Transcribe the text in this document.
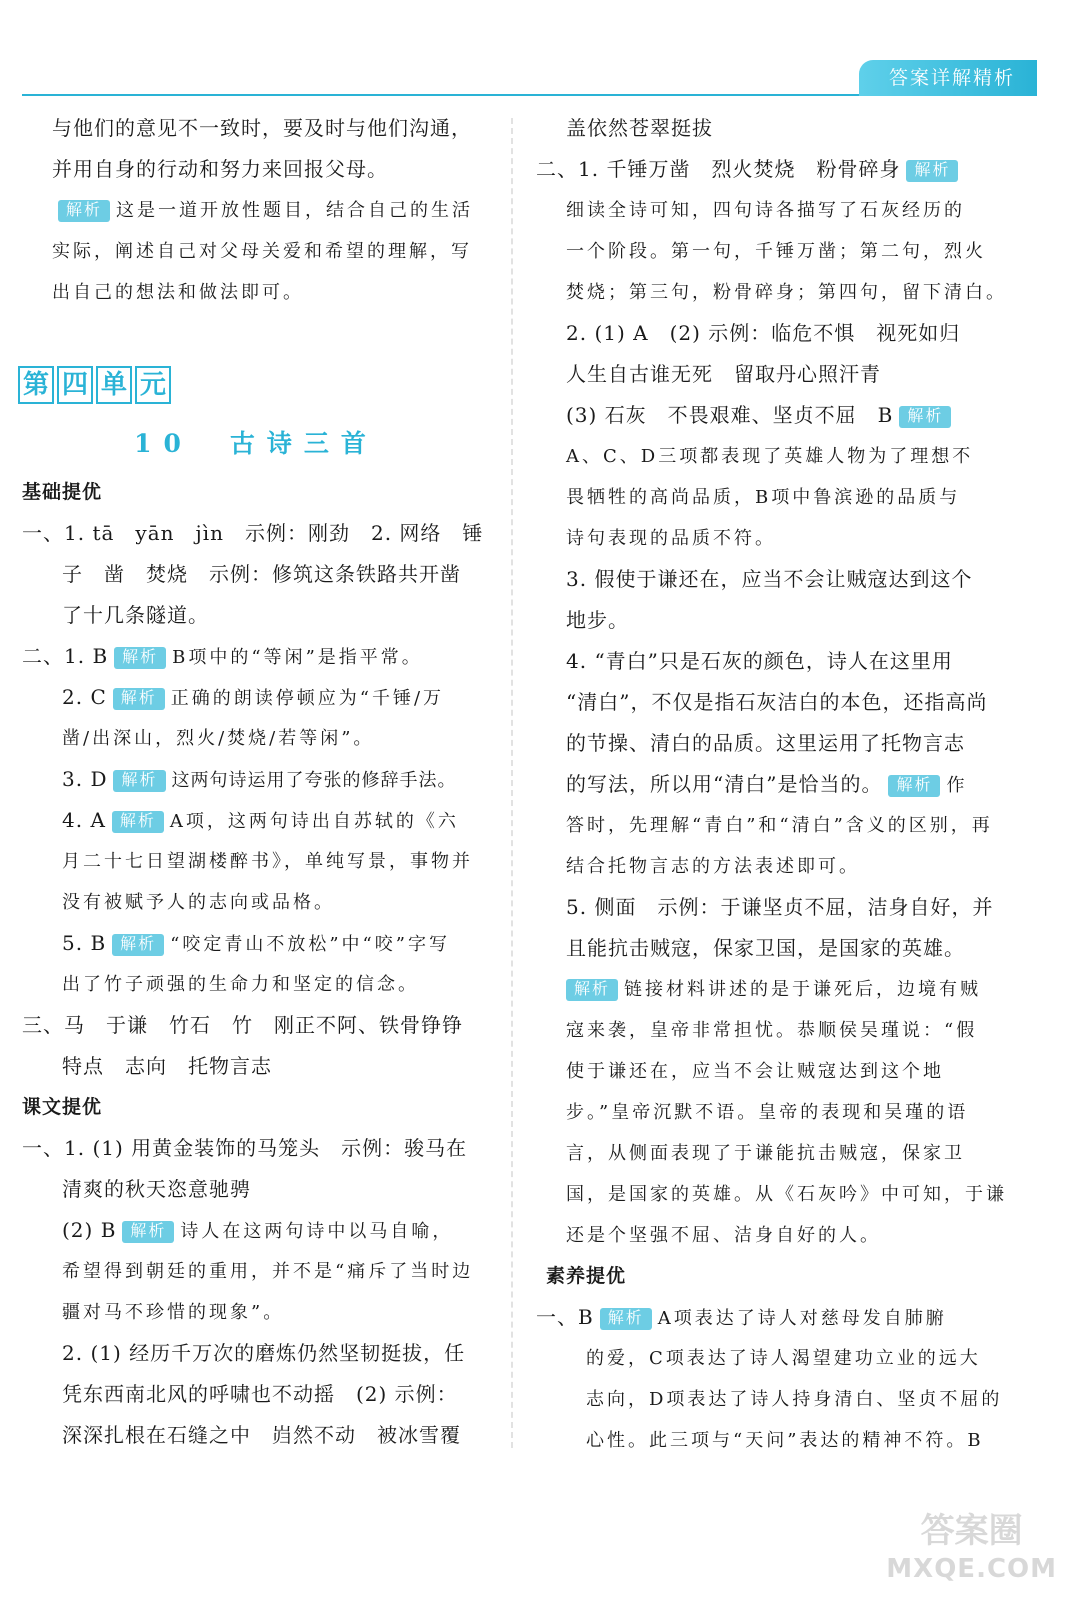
答案详解精析
与他们的意见不一致时，要及时与他们沟通，
并用自身的行动和努力来回报父母。
解析 这是一道开放性题目，结合自己的生活
实际，阐述自己对父母关爱和希望的理解，写
出自己的想法和做法即可。
第 四 单 元
10　古诗三首
基础提优
一、1. tā　yān　jìn　示例：刚劲　2. 网络　锤
子　凿　焚烧　示例：修筑这条铁路共开凿
了十几条隧道。
二、1. B 解析 B项中的“等闲”是指平常。
2. C 解析 正确的朗读停顿应为“千锤/万
凿/出深山，烈火/焚烧/若等闲”。
3. D 解析 这两句诗运用了夸张的修辞手法。
4. A 解析 A项，这两句诗出自苏轼的《六
月二十七日望湖楼醉书》，单纯写景，事物并
没有被赋予人的志向或品格。
5. B 解析 “咬定青山不放松”中“咬”字写
出了竹子顽强的生命力和坚定的信念。
三、马　于谦　竹石　竹　刚正不阿、铁骨铮铮
特点　志向　托物言志
课文提优
一、1. (1) 用黄金装饰的马笼头　示例：骏马在
清爽的秋天恣意驰骋
(2) B 解析 诗人在这两句诗中以马自喻，
希望得到朝廷的重用，并不是“痛斥了当时边
疆对马不珍惜的现象”。
2. (1) 经历千万次的磨炼仍然坚韧挺拔，任
凭东西南北风的呼啸也不动摇　(2) 示例：
深深扎根在石缝之中　岿然不动　被冰雪覆
盖依然苍翠挺拔
二、1. 千锤万凿　烈火焚烧　粉骨碎身 解析
细读全诗可知，四句诗各描写了石灰经历的
一个阶段。第一句，千锤万凿；第二句，烈火
焚烧；第三句，粉骨碎身；第四句，留下清白。
2. (1) A　(2) 示例：临危不惧　视死如归
人生自古谁无死　留取丹心照汗青
(3) 石灰　不畏艰难、坚贞不屈　B 解析
A、C、D三项都表现了英雄人物为了理想不
畏牺牲的高尚品质，B项中鲁滨逊的品质与
诗句表现的品质不符。
3. 假使于谦还在，应当不会让贼寇达到这个
地步。
4. “青白”只是石灰的颜色，诗人在这里用
“清白”，不仅是指石灰洁白的本色，还指高尚
的节操、清白的品质。这里运用了托物言志
的写法，所以用“清白”是恰当的。 解析 作
答时，先理解“青白”和“清白”含义的区别，再
结合托物言志的方法表述即可。
5. 侧面　示例：于谦坚贞不屈，洁身自好，并
且能抗击贼寇，保家卫国，是国家的英雄。
解析 链接材料讲述的是于谦死后，边境有贼
寇来袭，皇帝非常担忧。恭顺侯吴瑾说：“假
使于谦还在，应当不会让贼寇达到这个地
步。”皇帝沉默不语。皇帝的表现和吴瑾的语
言，从侧面表现了于谦能抗击贼寇，保家卫
国，是国家的英雄。从《石灰吟》中可知，于谦
还是个坚强不屈、洁身自好的人。
素养提优
一、B 解析 A项表达了诗人对慈母发自肺腑
的爱，C项表达了诗人渴望建功立业的远大
志向，D项表达了诗人持身清白、坚贞不屈的
心性。此三项与“天问”表达的精神不符。B
答案圈
MXQE.COM
